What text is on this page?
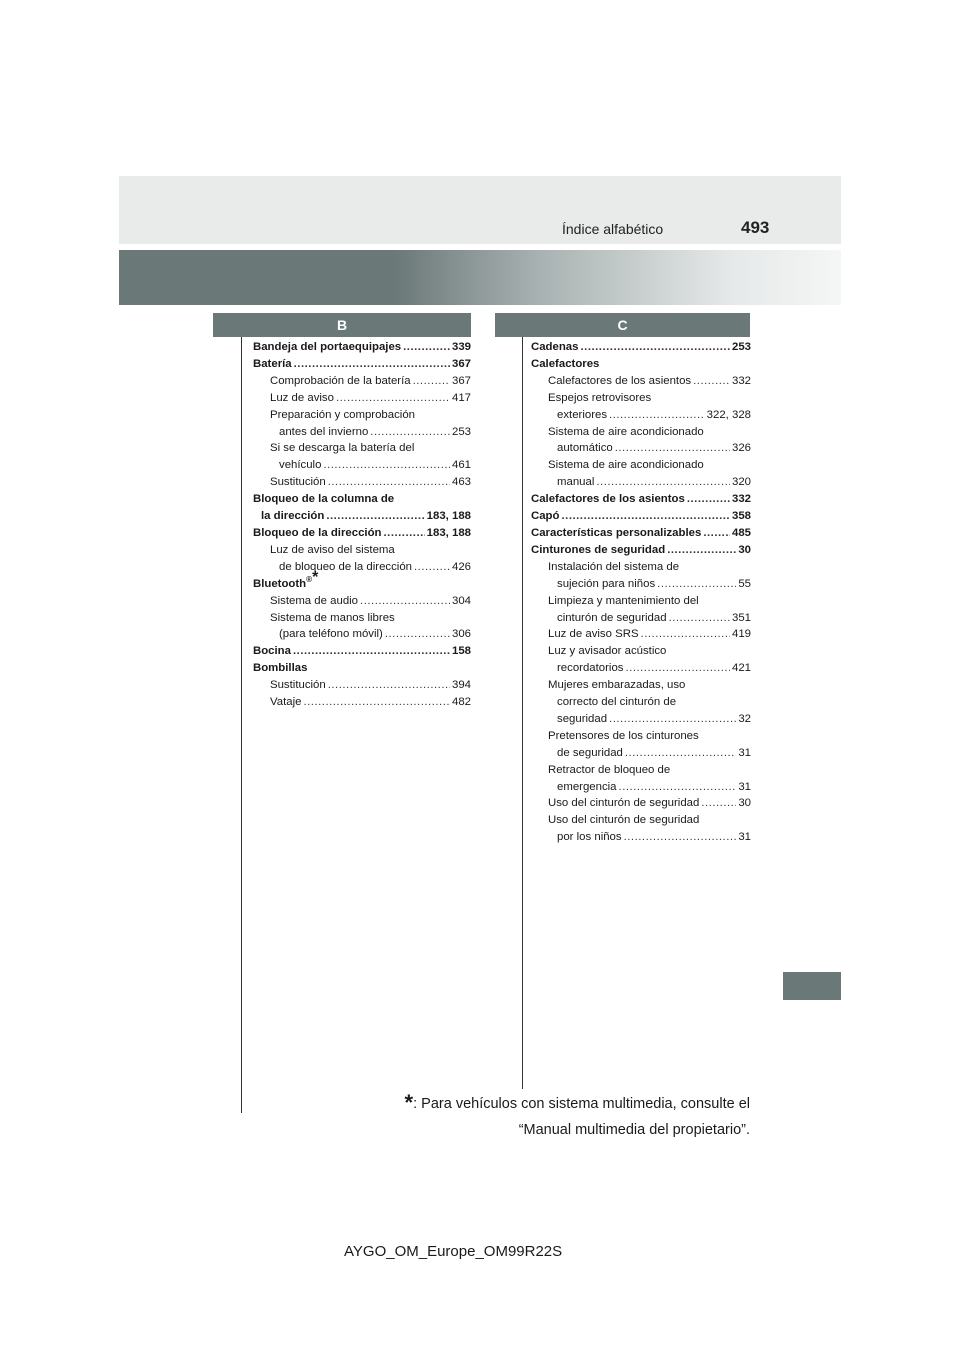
Índice alfabético	493
B	C
Bandeja del portaequipajes .....	339
Batería .....	367
Comprobación de la batería .....	367
Luz de aviso .....	417
Preparación y comprobación
antes del invierno .....	253
Si se descarga la batería del
vehículo .....	461
Sustitución .....	463
Bloqueo de la columna de
la dirección .....	183, 188
Bloqueo de la dirección .....	183, 188
Luz de aviso del sistema
de bloqueo de la dirección .....	426
Bluetooth®*
Sistema de audio .....	304
Sistema de manos libres
(para teléfono móvil) .....	306
Bocina .....	158
Bombillas
Sustitución .....	394
Vataje .....	482
Cadenas .....	253
Calefactores
Calefactores de los asientos .....	332
Espejos retrovisores
exteriores .....	322, 328
Sistema de aire acondicionado
automático .....	326
Sistema de aire acondicionado
manual .....	320
Calefactores de los asientos .....	332
Capó .....	358
Características personalizables .....	485
Cinturones de seguridad .....	30
Instalación del sistema de
sujeción para niños .....	55
Limpieza y mantenimiento del
cinturón de seguridad .....	351
Luz de aviso SRS .....	419
Luz y avisador acústico
recordatorios .....	421
Mujeres embarazadas, uso
correcto del cinturón de
seguridad .....	32
Pretensores de los cinturones
de seguridad .....	31
Retractor de bloqueo de
emergencia .....	31
Uso del cinturón de seguridad .....	30
Uso del cinturón de seguridad
por los niños .....	31
*: Para vehículos con sistema multimedia, consulte el
“Manual multimedia del propietario”.
AYGO_OM_Europe_OM99R22S
